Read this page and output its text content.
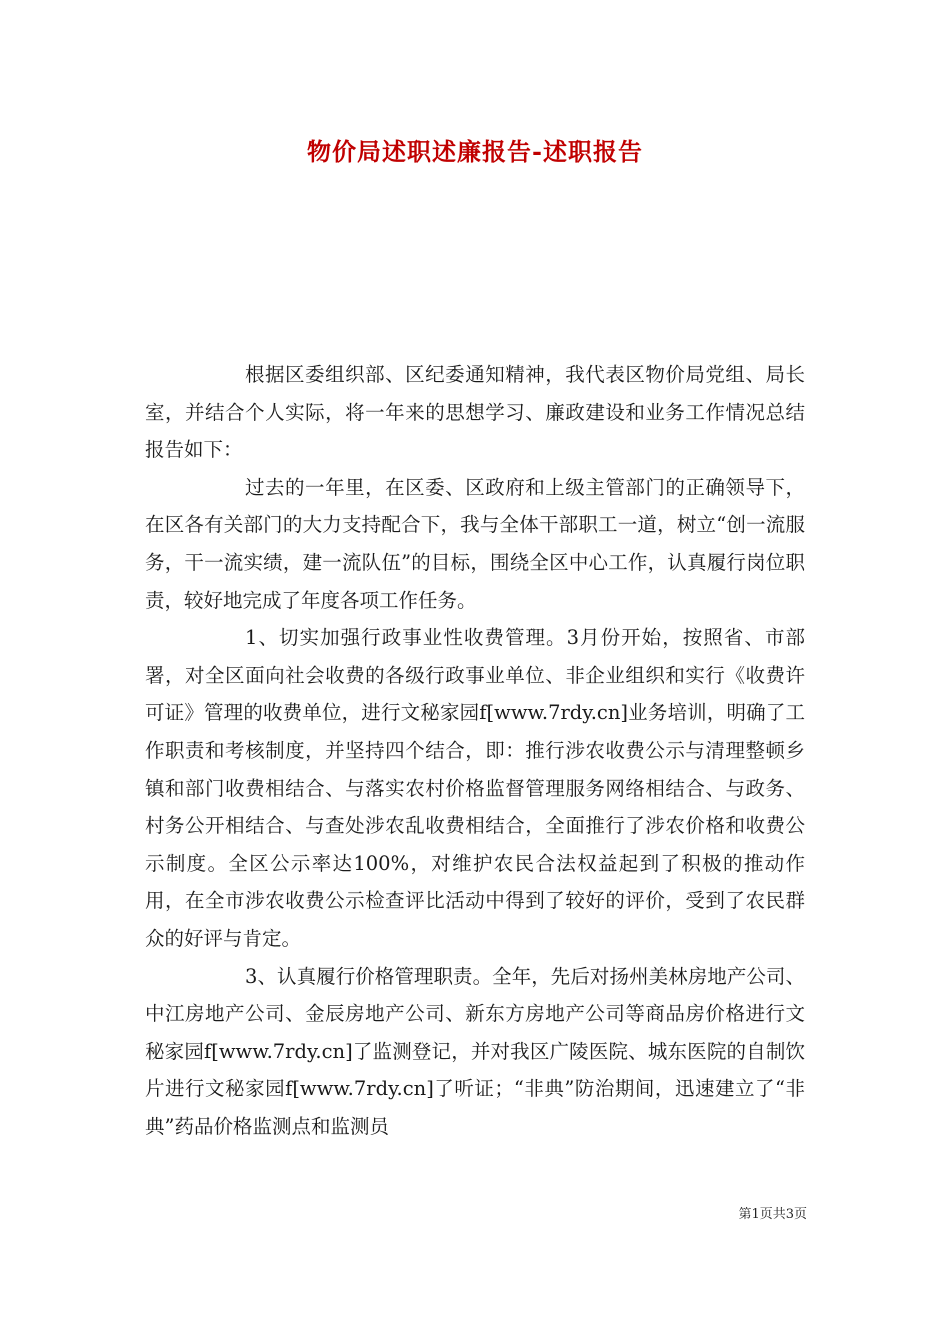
物价局述职述廉报告-述职报告

根据区委组织部、区纪委通知精神，我代表区物价局党组、局长室，并结合个人实际，将一年来的思想学习、廉政建设和业务工作情况总结报告如下：

过去的一年里，在区委、区政府和上级主管部门的正确领导下，在区各有关部门的大力支持配合下，我与全体干部职工一道，树立“创一流服务，干一流实绩，建一流队伍”的目标，围绕全区中心工作，认真履行岗位职责，较好地完成了年度各项工作任务。

1、切实加强行政事业性收费管理。3月份开始，按照省、市部署，对全区面向社会收费的各级行政事业单位、非企业组织和实行《收费许可证》管理的收费单位，进行文秘家园f[www.7rdy.cn]业务培训，明确了工作职责和考核制度，并坚持四个结合，即：推行涉农收费公示与清理整顿乡镇和部门收费相结合、与落实农村价格监督管理服务网络相结合、与政务、村务公开相结合、与查处涉农乱收费相结合，全面推行了涉农价格和收费公示制度。全区公示率达100%，对维护农民合法权益起到了积极的推动作用，在全市涉农收费公示检查评比活动中得到了较好的评价，受到了农民群众的好评与肯定。

3、认真履行价格管理职责。全年，先后对扬州美林房地产公司、中江房地产公司、金辰房地产公司、新东方房地产公司等商品房价格进行文秘家园f[www.7rdy.cn]了监测登记，并对我区广陵医院、城东医院的自制饮片进行文秘家园f[www.7rdy.cn]了听证；“非典”防治期间，迅速建立了“非典”药品价格监测点和监测员

第1页共3页
